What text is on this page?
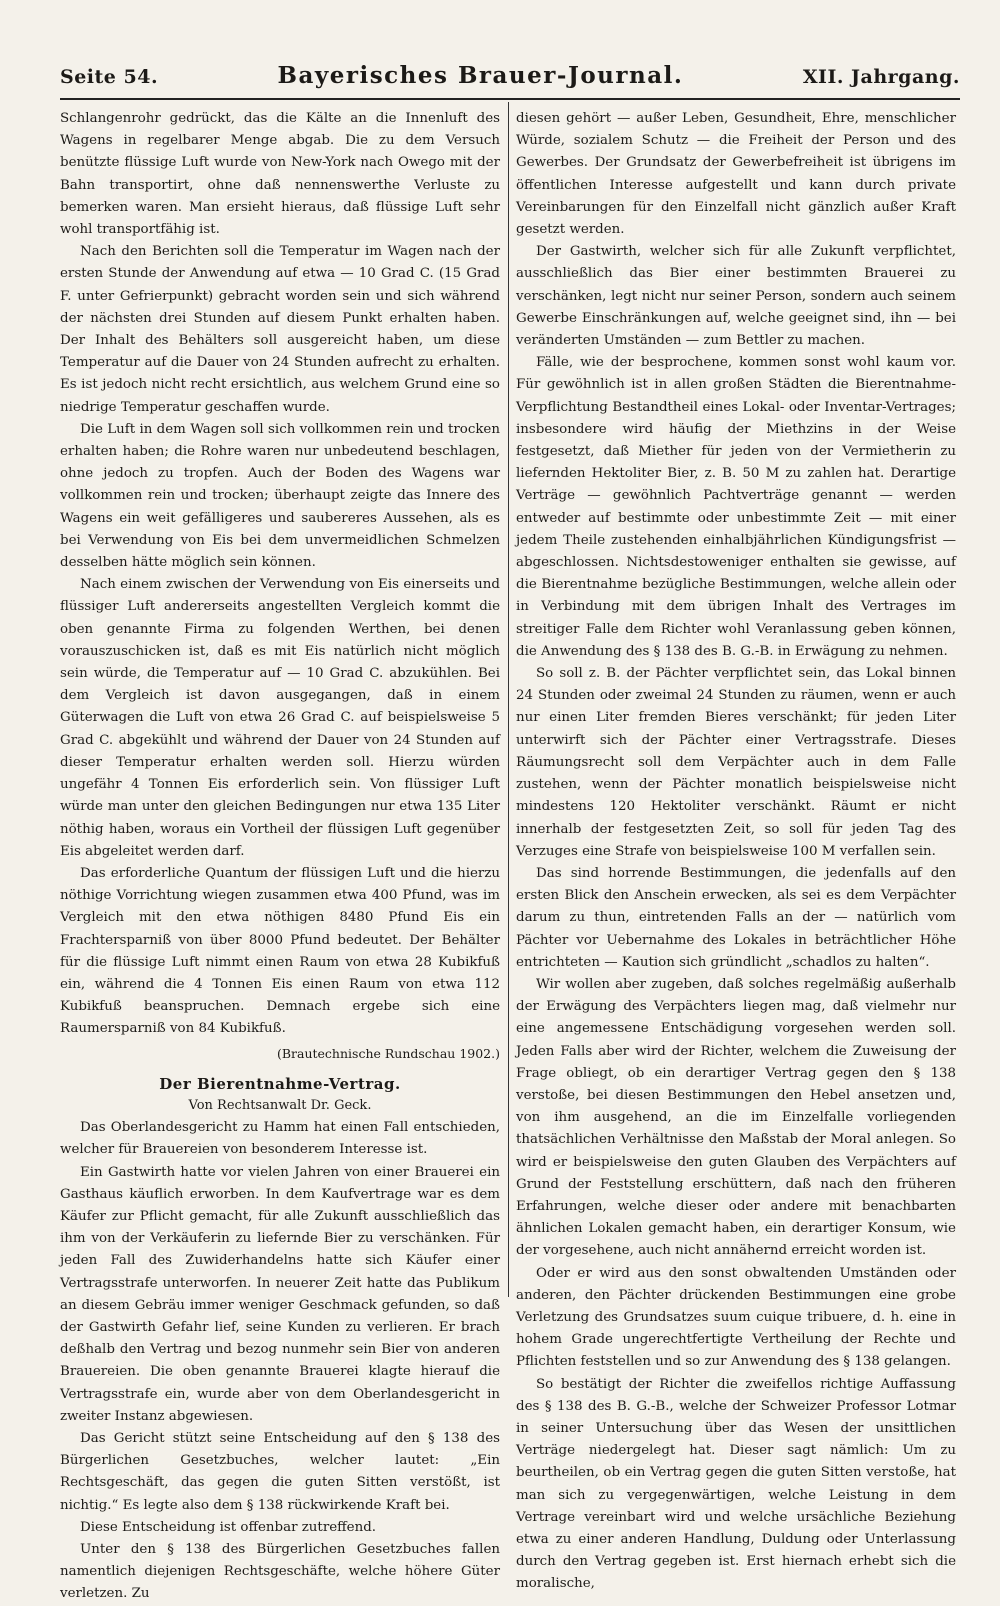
Seite 54.	Bayerisches Brauer-Journal.	XII. Jahrgang.

Schlangenrohr gedrückt, das die Kälte an die Innenluft des Wagens in regelbarer Menge abgab. Die zu dem Versuch benützte flüssige Luft wurde von New-York nach Owego mit der Bahn transportirt, ohne daß nennenswerthe Verluste zu bemerken waren. Man ersieht hieraus, daß flüssige Luft sehr wohl transportfähig ist.

Nach den Berichten soll die Temperatur im Wagen nach der ersten Stunde der Anwendung auf etwa — 10 Grad C. (15 Grad F. unter Gefrierpunkt) gebracht worden sein und sich während der nächsten drei Stunden auf diesem Punkt erhalten haben. Der Inhalt des Behälters soll ausgereicht haben, um diese Temperatur auf die Dauer von 24 Stunden aufrecht zu erhalten. Es ist jedoch nicht recht ersichtlich, aus welchem Grund eine so niedrige Temperatur geschaffen wurde.

Die Luft in dem Wagen soll sich vollkommen rein und trocken erhalten haben; die Rohre waren nur unbedeutend beschlagen, ohne jedoch zu tropfen. Auch der Boden des Wagens war vollkommen rein und trocken; überhaupt zeigte das Innere des Wagens ein weit gefälligeres und saubereres Aussehen, als es bei Verwendung von Eis bei dem unvermeidlichen Schmelzen desselben hätte möglich sein können.

Nach einem zwischen der Verwendung von Eis einerseits und flüssiger Luft andererseits angestellten Vergleich kommt die oben genannte Firma zu folgenden Werthen, bei denen vorauszuschicken ist, daß es mit Eis natürlich nicht möglich sein würde, die Temperatur auf — 10 Grad C. abzukühlen. Bei dem Vergleich ist davon ausgegangen, daß in einem Güterwagen die Luft von etwa 26 Grad C. auf beispielsweise 5 Grad C. abgekühlt und während der Dauer von 24 Stunden auf dieser Temperatur erhalten werden soll. Hierzu würden ungefähr 4 Tonnen Eis erforderlich sein. Von flüssiger Luft würde man unter den gleichen Bedingungen nur etwa 135 Liter nöthig haben, woraus ein Vortheil der flüssigen Luft gegenüber Eis abgeleitet werden darf.

Das erforderliche Quantum der flüssigen Luft und die hierzu nöthige Vorrichtung wiegen zusammen etwa 400 Pfund, was im Vergleich mit den etwa nöthigen 8480 Pfund Eis ein Frachtersparniß von über 8000 Pfund bedeutet. Der Behälter für die flüssige Luft nimmt einen Raum von etwa 28 Kubikfuß ein, während die 4 Tonnen Eis einen Raum von etwa 112 Kubikfuß beanspruchen. Demnach ergebe sich eine Raumersparniß von 84 Kubikfuß.

(Brautechnische Rundschau 1902.)

Der Bierentnahme-Vertrag.

Von Rechtsanwalt Dr. Geck.

Das Oberlandesgericht zu Hamm hat einen Fall entschieden, welcher für Brauereien von besonderem Interesse ist.

Ein Gastwirth hatte vor vielen Jahren von einer Brauerei ein Gasthaus käuflich erworben. In dem Kaufvertrage war es dem Käufer zur Pflicht gemacht, für alle Zukunft ausschließlich das ihm von der Verkäuferin zu liefernde Bier zu verschänken. Für jeden Fall des Zuwiderhandelns hatte sich Käufer einer Vertragsstrafe unterworfen. In neuerer Zeit hatte das Publikum an diesem Gebräu immer weniger Geschmack gefunden, so daß der Gastwirth Gefahr lief, seine Kunden zu verlieren. Er brach deßhalb den Vertrag und bezog nunmehr sein Bier von anderen Brauereien. Die oben genannte Brauerei klagte hierauf die Vertragsstrafe ein, wurde aber von dem Oberlandesgericht in zweiter Instanz abgewiesen.

Das Gericht stützt seine Entscheidung auf den § 138 des Bürgerlichen Gesetzbuches, welcher lautet: „Ein Rechtsgeschäft, das gegen die guten Sitten verstößt, ist nichtig.“ Es legte also dem § 138 rückwirkende Kraft bei.

Diese Entscheidung ist offenbar zutreffend.

Unter den § 138 des Bürgerlichen Gesetzbuches fallen namentlich diejenigen Rechtsgeschäfte, welche höhere Güter verletzen. Zu

diesen gehört — außer Leben, Gesundheit, Ehre, menschlicher Würde, sozialem Schutz — die Freiheit der Person und des Gewerbes. Der Grundsatz der Gewerbefreiheit ist übrigens im öffentlichen Interesse aufgestellt und kann durch private Vereinbarungen für den Einzelfall nicht gänzlich außer Kraft gesetzt werden.

Der Gastwirth, welcher sich für alle Zukunft verpflichtet, ausschließlich das Bier einer bestimmten Brauerei zu verschänken, legt nicht nur seiner Person, sondern auch seinem Gewerbe Einschränkungen auf, welche geeignet sind, ihn — bei veränderten Umständen — zum Bettler zu machen.

Fälle, wie der besprochene, kommen sonst wohl kaum vor. Für gewöhnlich ist in allen großen Städten die Bierentnahme-Verpflichtung Bestandtheil eines Lokal- oder Inventar-Vertrages; insbesondere wird häufig der Miethzins in der Weise festgesetzt, daß Miether für jeden von der Vermietherin zu liefernden Hektoliter Bier, z. B. 50 M zu zahlen hat. Derartige Verträge — gewöhnlich Pachtverträge genannt — werden entweder auf bestimmte oder unbestimmte Zeit — mit einer jedem Theile zustehenden einhalbjährlichen Kündigungsfrist — abgeschlossen. Nichtsdestoweniger enthalten sie gewisse, auf die Bierentnahme bezügliche Bestimmungen, welche allein oder in Verbindung mit dem übrigen Inhalt des Vertrages im streitiger Falle dem Richter wohl Veranlassung geben können, die Anwendung des § 138 des B. G.-B. in Erwägung zu nehmen.

So soll z. B. der Pächter verpflichtet sein, das Lokal binnen 24 Stunden oder zweimal 24 Stunden zu räumen, wenn er auch nur einen Liter fremden Bieres verschänkt; für jeden Liter unterwirft sich der Pächter einer Vertragsstrafe. Dieses Räumungsrecht soll dem Verpächter auch in dem Falle zustehen, wenn der Pächter monatlich beispielsweise nicht mindestens 120 Hektoliter verschänkt. Räumt er nicht innerhalb der festgesetzten Zeit, so soll für jeden Tag des Verzuges eine Strafe von beispielsweise 100 M verfallen sein.

Das sind horrende Bestimmungen, die jedenfalls auf den ersten Blick den Anschein erwecken, als sei es dem Verpächter darum zu thun, eintretenden Falls an der — natürlich vom Pächter vor Uebernahme des Lokales in beträchtlicher Höhe entrichteten — Kaution sich gründlicht „schadlos zu halten“.

Wir wollen aber zugeben, daß solches regelmäßig außerhalb der Erwägung des Verpächters liegen mag, daß vielmehr nur eine angemessene Entschädigung vorgesehen werden soll. Jeden Falls aber wird der Richter, welchem die Zuweisung der Frage obliegt, ob ein derartiger Vertrag gegen den § 138 verstoße, bei diesen Bestimmungen den Hebel ansetzen und, von ihm ausgehend, an die im Einzelfalle vorliegenden thatsächlichen Verhältnisse den Maßstab der Moral anlegen. So wird er beispielsweise den guten Glauben des Verpächters auf Grund der Feststellung erschüttern, daß nach den früheren Erfahrungen, welche dieser oder andere mit benachbarten ähnlichen Lokalen gemacht haben, ein derartiger Konsum, wie der vorgesehene, auch nicht annähernd erreicht worden ist.

Oder er wird aus den sonst obwaltenden Umständen oder anderen, den Pächter drückenden Bestimmungen eine grobe Verletzung des Grundsatzes suum cuique tribuere, d. h. eine in hohem Grade ungerechtfertigte Vertheilung der Rechte und Pflichten feststellen und so zur Anwendung des § 138 gelangen.

So bestätigt der Richter die zweifellos richtige Auffassung des § 138 des B. G.-B., welche der Schweizer Professor Lotmar in seiner Untersuchung über das Wesen der unsittlichen Verträge niedergelegt hat. Dieser sagt nämlich: Um zu beurtheilen, ob ein Vertrag gegen die guten Sitten verstoße, hat man sich zu vergegenwärtigen, welche Leistung in dem Vertrage vereinbart wird und welche ursächliche Beziehung etwa zu einer anderen Handlung, Duldung oder Unterlassung durch den Vertrag gegeben ist. Erst hiernach erhebt sich die moralische,
